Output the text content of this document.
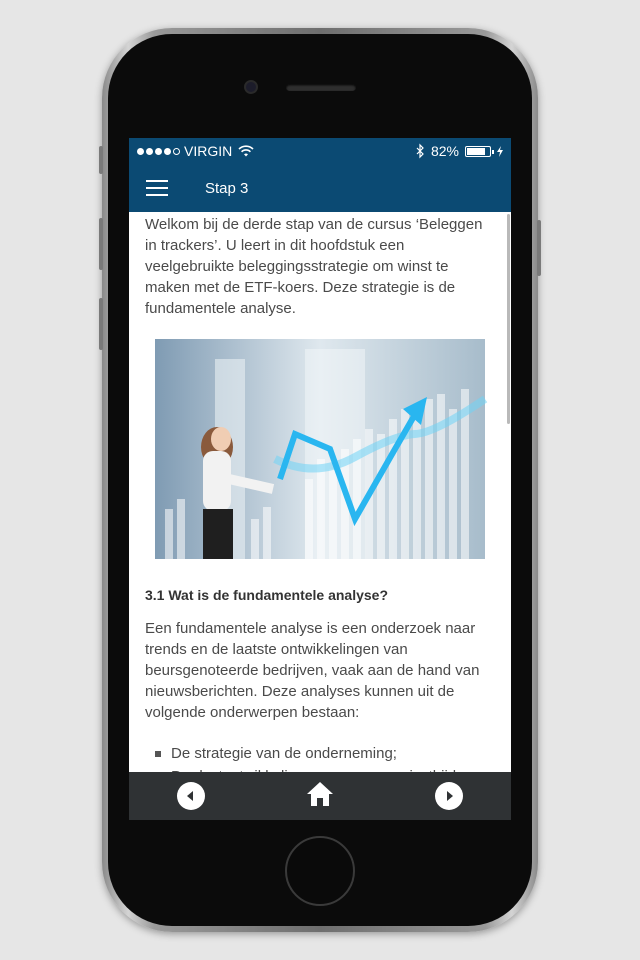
VIRGIN	82%
Stap 3

Welkom bij de derde stap van de cursus ‘Beleggen in trackers’. U leert in dit hoofdstuk een veelgebruikte beleggingsstrategie om winst te maken met de ETF-koers. Deze strategie is de fundamentele analyse.

3.1 Wat is de fundamentele analyse?

Een fundamentele analyse is een onderzoek naar trends en de laatste ontwikkelingen van beursgenoteerde bedrijven, vaak aan de hand van nieuwsberichten. Deze analyses kunnen uit de volgende onderwerpen bestaan:

De strategie van de onderneming;
